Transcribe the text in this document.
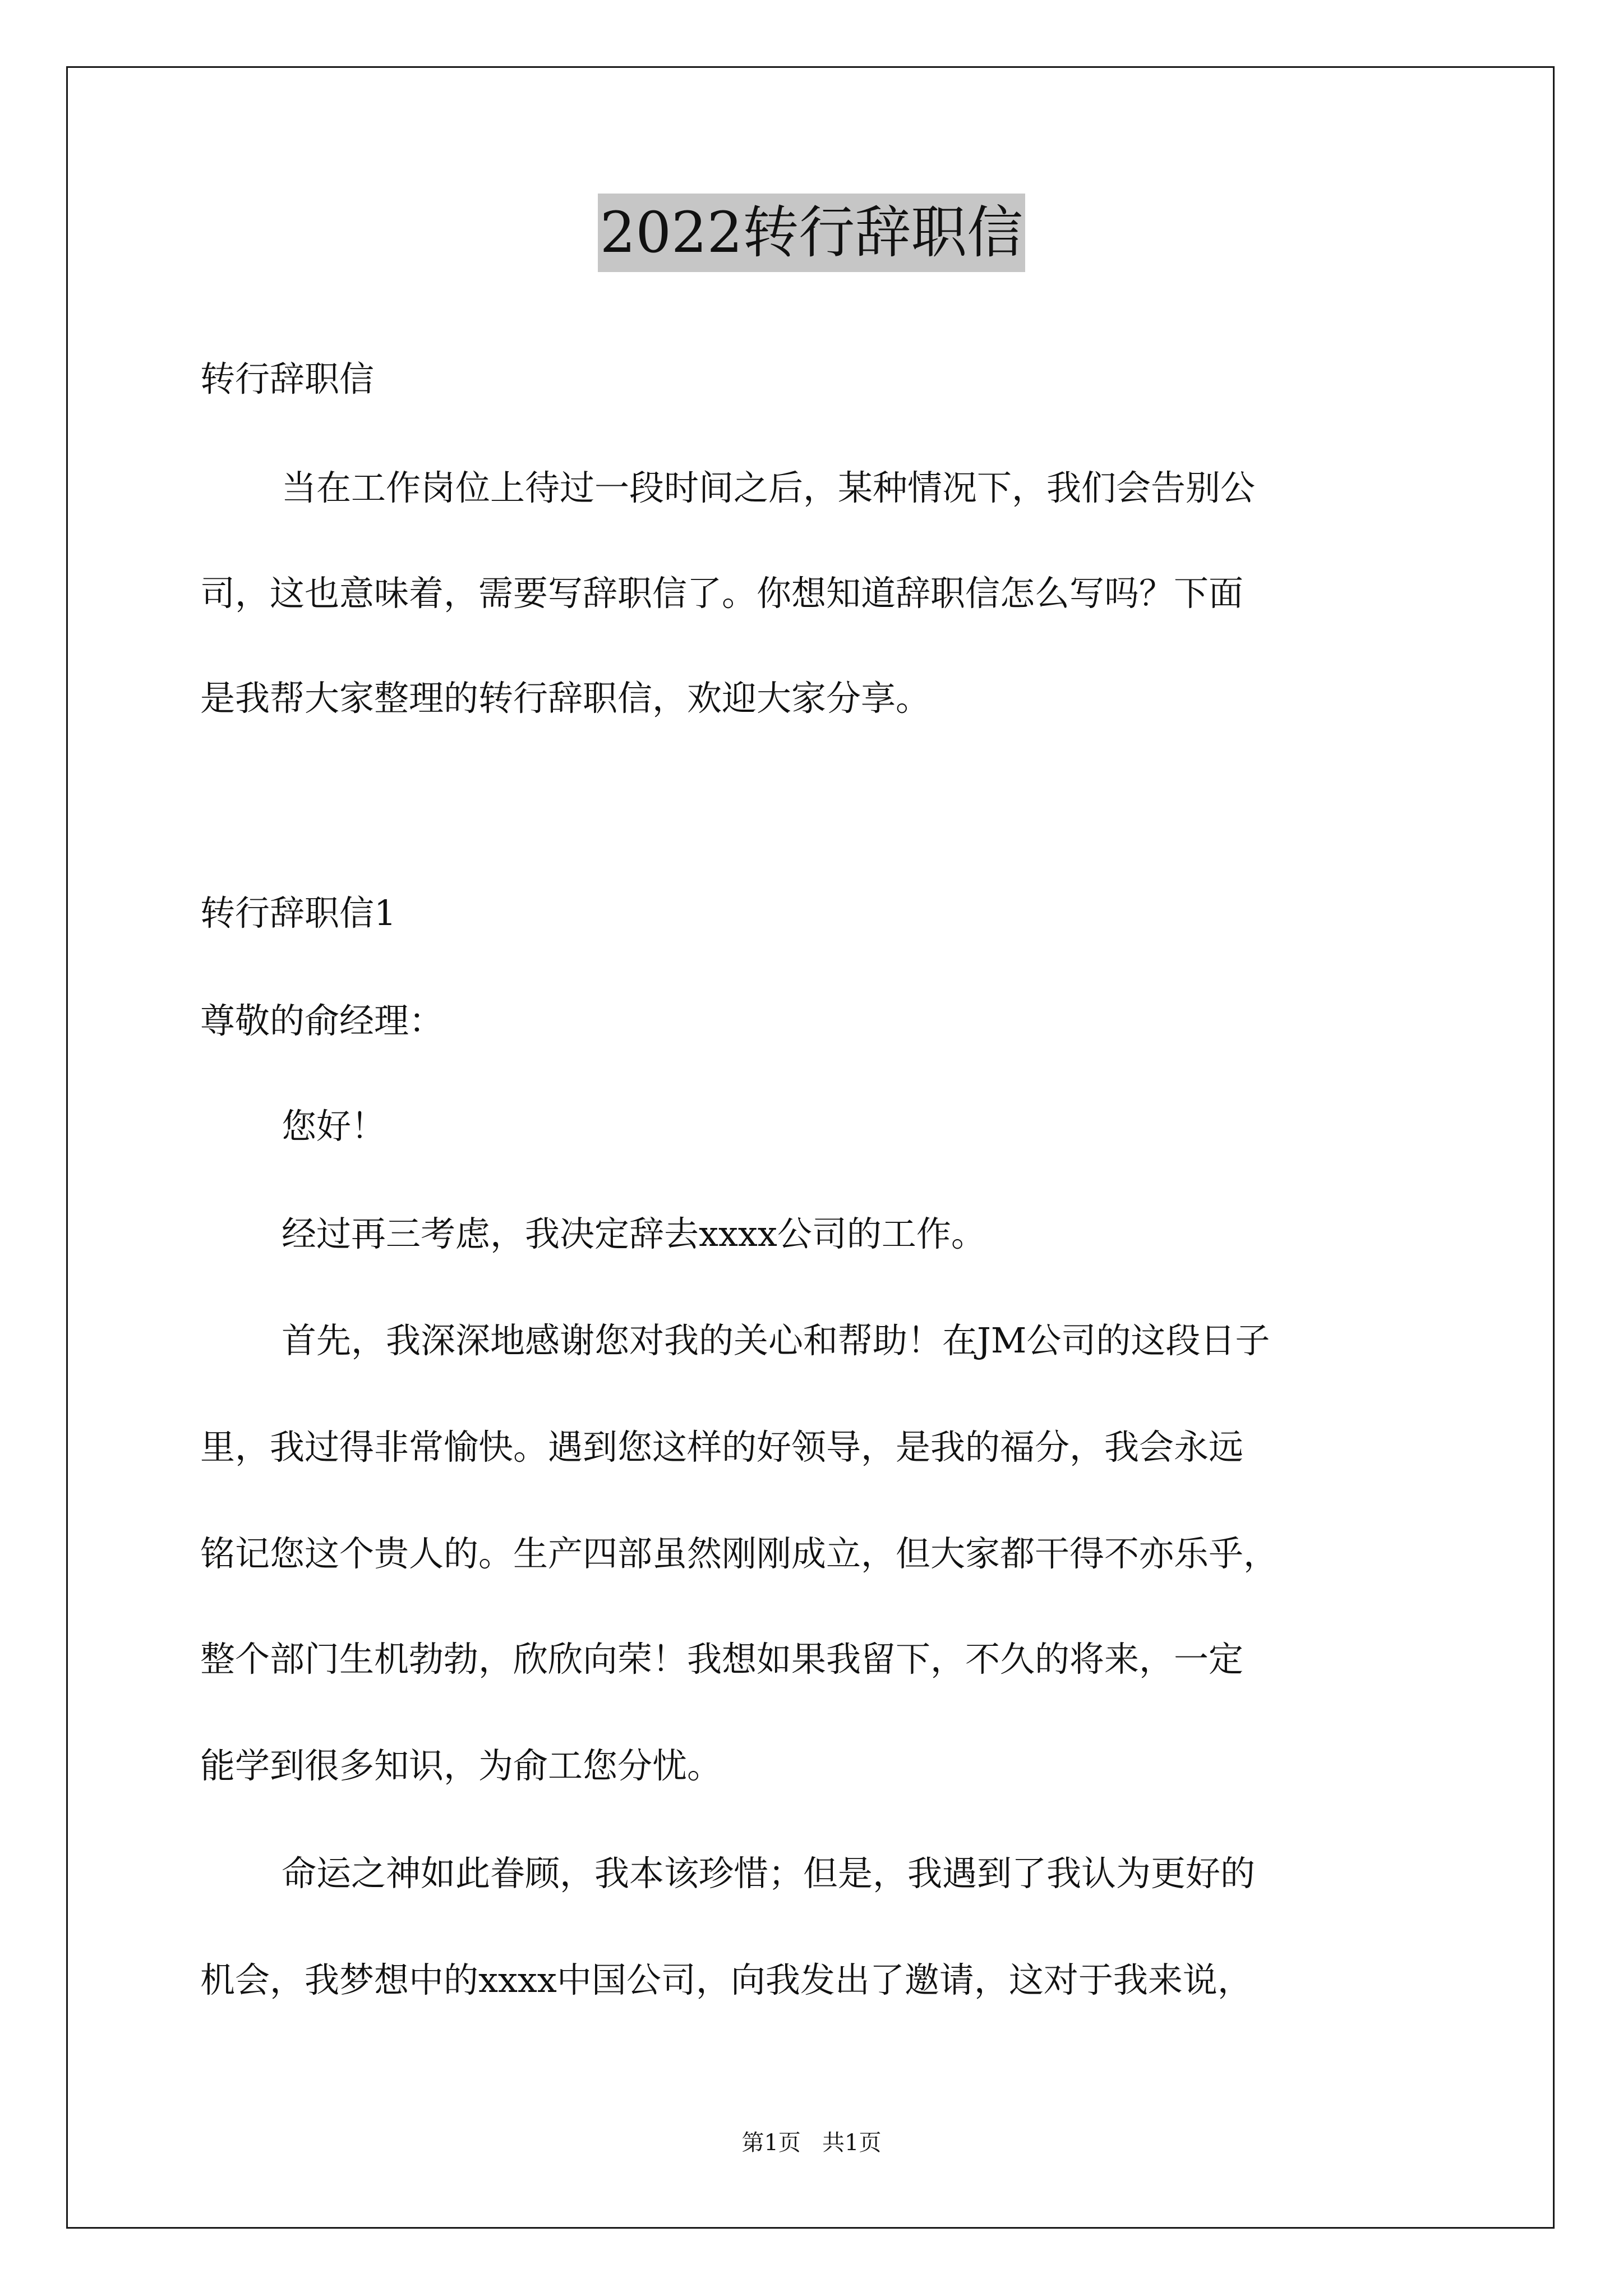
2022转行辞职信
转行辞职信
当在工作岗位上待过一段时间之后，某种情况下，我们会告别公
司，这也意味着，需要写辞职信了。你想知道辞职信怎么写吗？下面
是我帮大家整理的转行辞职信，欢迎大家分享。
转行辞职信1
尊敬的俞经理：
您好！
经过再三考虑，我决定辞去xxxx公司的工作。
首先，我深深地感谢您对我的关心和帮助！在JM公司的这段日子
里，我过得非常愉快。遇到您这样的好领导，是我的福分，我会永远
铭记您这个贵人的。生产四部虽然刚刚成立，但大家都干得不亦乐乎，
整个部门生机勃勃，欣欣向荣！我想如果我留下，不久的将来，一定
能学到很多知识，为俞工您分忧。
命运之神如此眷顾，我本该珍惜；但是，我遇到了我认为更好的
机会，我梦想中的xxxx中国公司，向我发出了邀请，这对于我来说，
第1页   共1页
